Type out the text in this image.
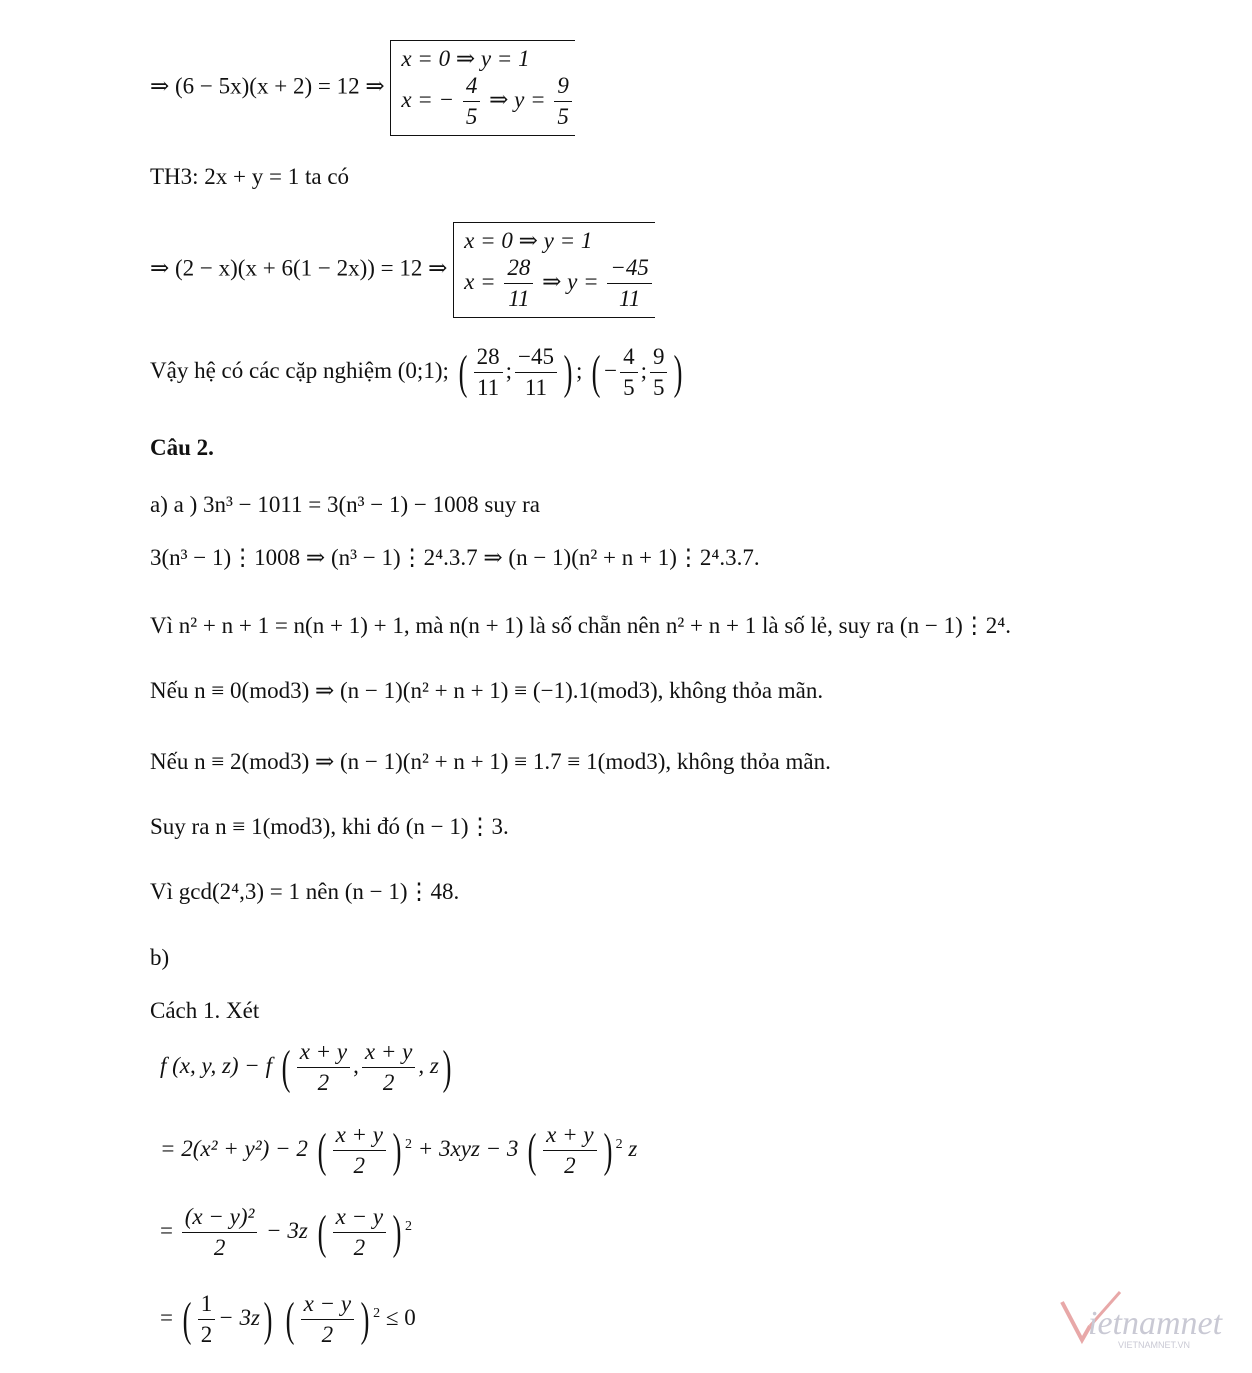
⇒ (6 − 5x)(x + 2) = 12 ⇒
x = 0 ⇒ y = 1
x = − $\frac{4}{5}$ ⇒ $y = \frac{9}{5}$
TH3: 2x + y = 1 ta có
⇒ (2 − x)(x + 6(1 − 2x)) = 12 ⇒
x = 0 ⇒ y = 1
$x = \frac{28}{11}$ ⇒ $y = \frac{-45}{11}$
Vậy hệ có các cặp nghiệm (0;1); ( $\frac{28}{11}$ ; $\frac{-45}{11}$ ) ; ( − $\frac{4}{5}$ ; $\frac{9}{5}$ )
Câu 2.
a) a ) 3n³ − 1011 = 3(n³ − 1) − 1008 suy ra
3(n³ − 1)⋮1008 ⇒ (n³ − 1)⋮2⁴.3.7 ⇒ (n − 1)(n² + n + 1)⋮2⁴.3.7.
Vì n² + n + 1 = n(n + 1) + 1, mà n(n + 1) là số chẵn nên n² + n + 1 là số lẻ, suy ra (n − 1)⋮2⁴.
Nếu n ≡ 0(mod3) ⇒ (n − 1)(n² + n + 1) ≡ (−1).1(mod3), không thỏa mãn.
Nếu n ≡ 2(mod3) ⇒ (n − 1)(n² + n + 1) ≡ 1.7 ≡ 1(mod3), không thỏa mãn.
Suy ra n ≡ 1(mod3), khi đó (n − 1)⋮3.
Vì gcd(2⁴,3) = 1 nên (n − 1)⋮48.
b)
Cách 1. Xét
f (x, y, z) − f ( $\frac{x + y}{2}$ , $\frac{x + y}{2}$ , z)
= 2(x² + y²) − 2 ( $\frac{x + y}{2}$ ) $^2$ + 3xyz − 3 ( $\frac{x + y}{2}$ ) $^2$ z
= $\frac{\text{(x − y)²}}{2} - 3z$ ( $\frac{x - y}{2}$ ) $^2$
= ( $\frac{1}{2} - 3z$) ( $\frac{x - y}{2}$ ) $^2$ ≤ 0	ietnamnet
VIETNAMNET.VN
